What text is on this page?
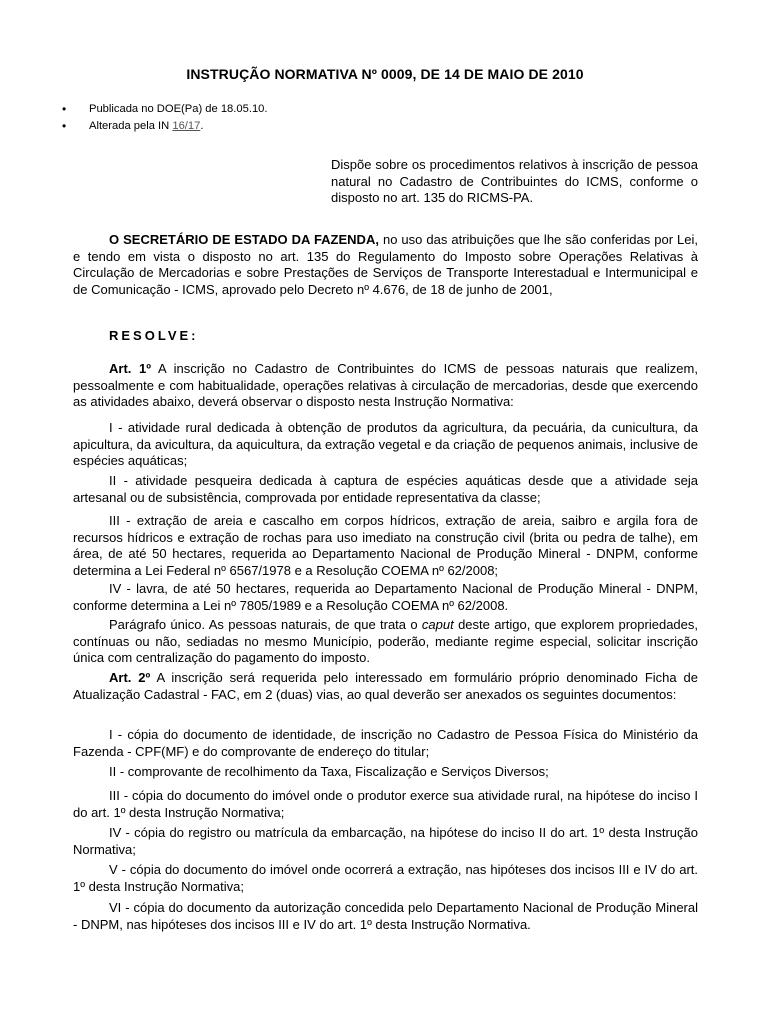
INSTRUÇÃO NORMATIVA Nº 0009, DE 14 DE MAIO DE 2010
• Publicada no DOE(Pa) de 18.05.10.
• Alterada pela IN 16/17.
Dispõe sobre os procedimentos relativos à inscrição de pessoa natural no Cadastro de Contribuintes do ICMS, conforme o disposto no art. 135 do RICMS-PA.

O SECRETÁRIO DE ESTADO DA FAZENDA, no uso das atribuições que lhe são conferidas por Lei, e tendo em vista o disposto no art. 135 do Regulamento do Imposto sobre Operações Relativas à Circulação de Mercadorias e sobre Prestações de Serviços de Transporte Interestadual e Intermunicipal e de Comunicação - ICMS, aprovado pelo Decreto nº 4.676, de 18 de junho de 2001,

RESOLVE:

Art. 1º A inscrição no Cadastro de Contribuintes do ICMS de pessoas naturais que realizem, pessoalmente e com habitualidade, operações relativas à circulação de mercadorias, desde que exercendo as atividades abaixo, deverá observar o disposto nesta Instrução Normativa:

I - atividade rural dedicada à obtenção de produtos da agricultura, da pecuária, da cunicultura, da apicultura, da avicultura, da aquicultura, da extração vegetal e da criação de pequenos animais, inclusive de espécies aquáticas;

II - atividade pesqueira dedicada à captura de espécies aquáticas desde que a atividade seja artesanal ou de subsistência, comprovada por entidade representativa da classe;

III - extração de areia e cascalho em corpos hídricos, extração de areia, saibro e argila fora de recursos hídricos e extração de rochas para uso imediato na construção civil (brita ou pedra de talhe), em área, de até 50 hectares, requerida ao Departamento Nacional de Produção Mineral - DNPM, conforme determina a Lei Federal nº 6567/1978 e a Resolução COEMA nº 62/2008;

IV - lavra, de até 50 hectares, requerida ao Departamento Nacional de Produção Mineral - DNPM, conforme determina a Lei nº 7805/1989 e a Resolução COEMA nº 62/2008.

Parágrafo único. As pessoas naturais, de que trata o caput deste artigo, que explorem propriedades, contínuas ou não, sediadas no mesmo Município, poderão, mediante regime especial, solicitar inscrição única com centralização do pagamento do imposto.

Art. 2º A inscrição será requerida pelo interessado em formulário próprio denominado Ficha de Atualização Cadastral - FAC, em 2 (duas) vias, ao qual deverão ser anexados os seguintes documentos:

I - cópia do documento de identidade, de inscrição no Cadastro de Pessoa Física do Ministério da Fazenda - CPF(MF) e do comprovante de endereço do titular;

II - comprovante de recolhimento da Taxa, Fiscalização e Serviços Diversos;

III - cópia do documento do imóvel onde o produtor exerce sua atividade rural, na hipótese do inciso I do art. 1º desta Instrução Normativa;

IV - cópia do registro ou matrícula da embarcação, na hipótese do inciso II do art. 1º desta Instrução Normativa;

V - cópia do documento do imóvel onde ocorrerá a extração, nas hipóteses dos incisos III e IV do art. 1º desta Instrução Normativa;

VI - cópia do documento da autorização concedida pelo Departamento Nacional de Produção Mineral - DNPM, nas hipóteses dos incisos III e IV do art. 1º desta Instrução Normativa.
